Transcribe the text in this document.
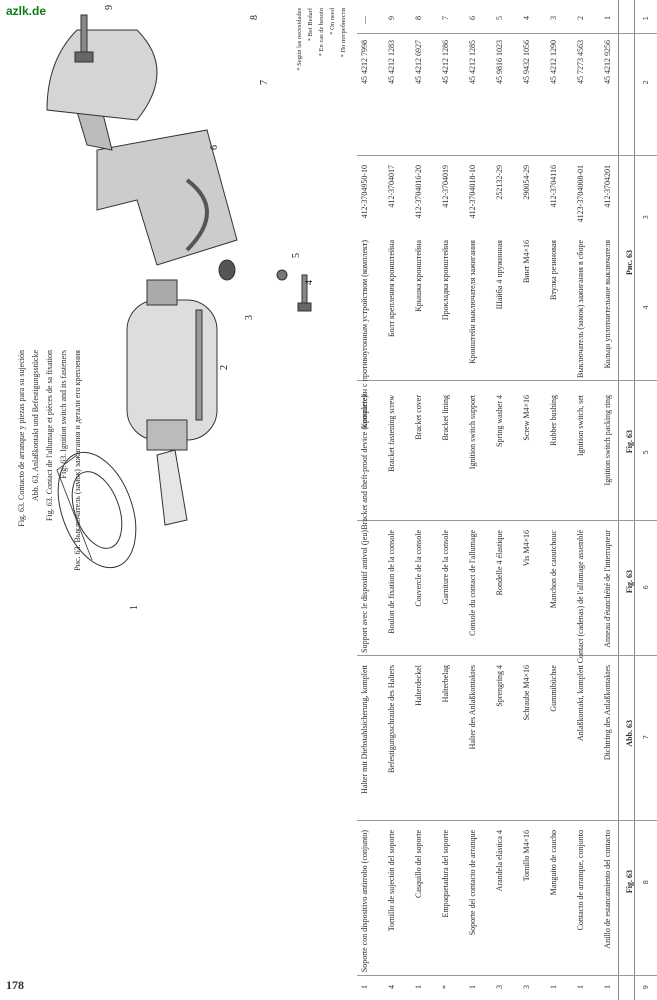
azlk.de
178
1
2
3
4
5
6
7
8
9
Рис. 63
Fig. 63
Fig. 63
Abb. 63
Fig. 63
1
45 4212 9256
412-3704201
Кольцо уплотнительное выключателя
Ignition switch packing ring
Anneau d'étanchéité de l'interrupteur
Dichtring des Anlaßkontaktes
Anillo de estancamiento del contacto
1
2
45 7273 4563
4123-3704008-01
Выключатель (замок) зажигания в сборе
Ignition switch, set
Contact (cadenas) de l'allumage assemblé
Anlaßkontakt, komplett
Contacto de arranque, conjunto
1
3
45 4212 1290
412-3704116
Втулка резиновая
Rubber bushing
Manchon de caoutchouc
Gummibüchse
Manguito de caucho
1
4
45 9432 1056
290054-29
Винт М4×16
Screw M4×16
Vis M4×16
Schraube M4×16
Tornillo M4×16
3
5
45 9816 1023
252132-29
Шайба 4 пружинная
Spring washer 4
Rondelle 4 élastique
Sprengring 4
Arandela elástica 4
3
6
45 4212 1285
412-3704018-10
Кронштейн выключателя зажигания
Ignition switch support
Console du contact de l'allumage
Halter des Anlaßkontaktes
Soporte del contacto de arranque
1
7
45 4212 1286
412-3704019
Прокладка кронштейна
Bracket lining
Garniture de la console
Halterbelag
Empaquetadura del soporte
*
8
45 4212 6927
412-3704016-20
Крышка кронштейна
Bracket cover
Couvercle de la console
Halterdeckel
Casquillo del soporte
1
9
45 4212 1283
412-3704017
Болт крепления кронштейна
Bracket fastening screw
Boulon de fixation de la console
Befestigungsschraube des Halters
Tornillo de sujeción del soporte
4
—
45 4212 7998
412-3704950-10
Кронштейн с противоугонным устройством (комплект)
Bracket and theft-proof device (complete)
Support avec le dispositif antivol (jeu)
Halter mit Diebstahlsicherung, komplett
Soporte con dispositivo antirrobo (conjunto)
1
* По потребности
* On need
* En cas de besoin
* Bei Bedarf
* Según las necesidades
Рис. 63. Выключатель (замок) зажигания и детали его крепления
Fig. 63. Ignition switch and its fasteners
Fig. 63. Contact de l'allumage et pièces de sa fixation
Abb. 63. Anlaßkontakt und Befestigungsstücke
Fig. 63. Contacto de arranque y piezas para su sujeción
1
2
3
4
5
6
7
8
9
